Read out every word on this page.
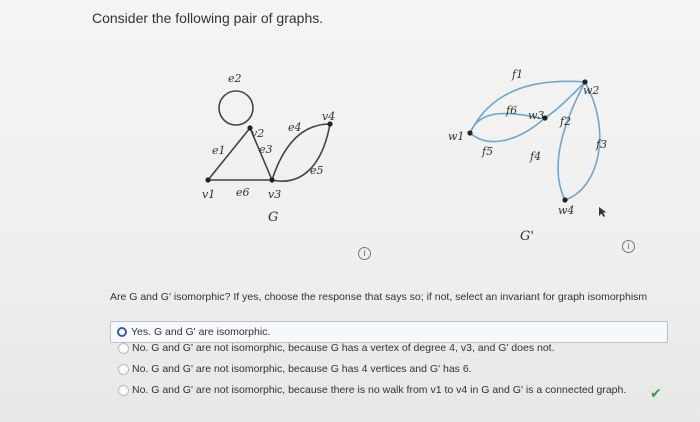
Consider the following pair of graphs.
e2
e1
v2
e3
e4
v4
e5
v1 e6 v3
G
f1
w2
f6 w3 f2
w1
f5	f4
f3
w4
G'
i
i
Are G and G' isomorphic? If yes, choose the response that says so; if not, select an invariant for graph isomorphism
Yes. G and G' are isomorphic.
No. G and G' are not isomorphic, because G has a vertex of degree 4, v3, and G' does not.
No. G and G' are not isomorphic, because G has 4 vertices and G' has 6.
No. G and G' are not isomorphic, because there is no walk from v1 to v4 in G and G' is a connected graph. ✔
